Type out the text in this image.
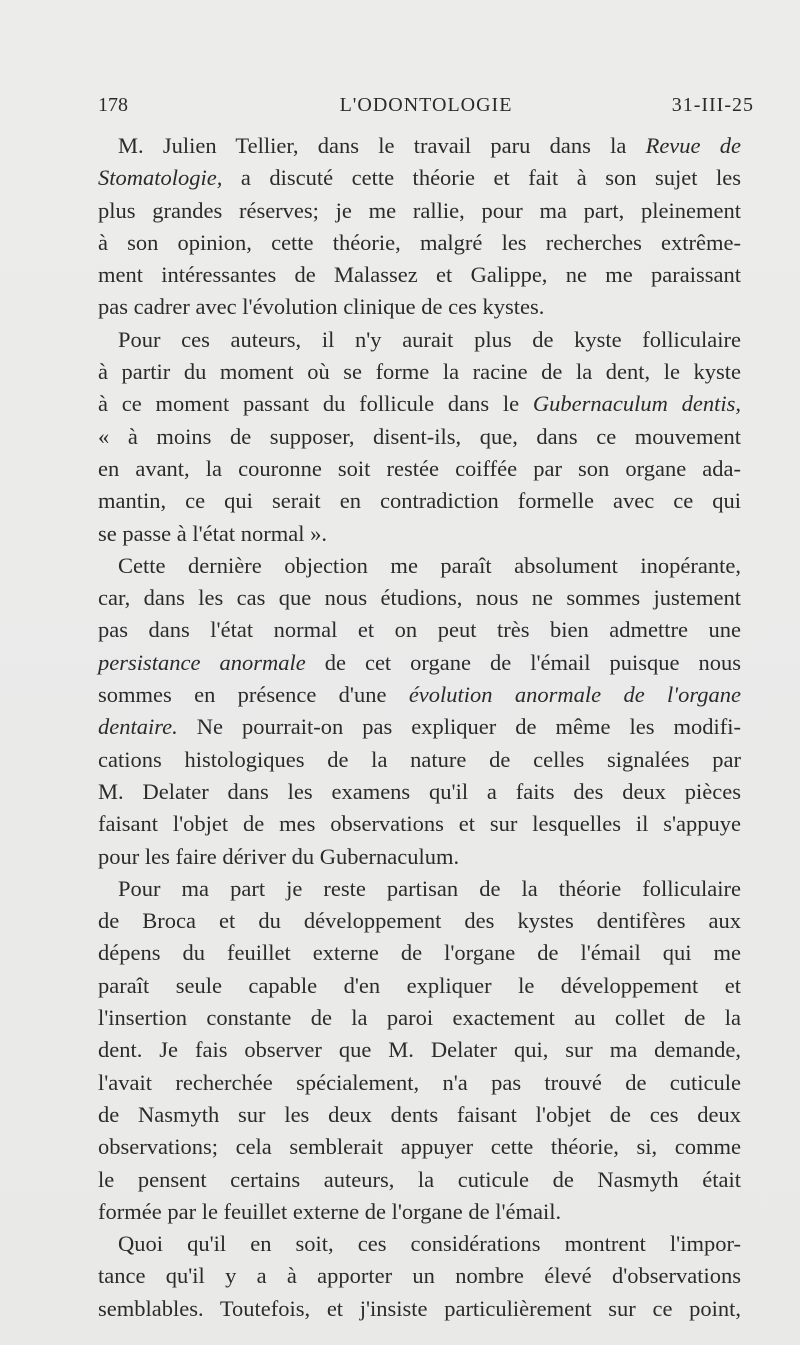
178	L'ODONTOLOGIE	31-III-25

M. Julien Tellier, dans le travail paru dans la Revue de

Stomatologie, a discuté cette théorie et fait à son sujet les

plus grandes réserves; je me rallie, pour ma part, pleinement

à son opinion, cette théorie, malgré les recherches extrême-

ment intéressantes de Malassez et Galippe, ne me paraissant

pas cadrer avec l'évolution clinique de ces kystes.

Pour ces auteurs, il n'y aurait plus de kyste folliculaire

à partir du moment où se forme la racine de la dent, le kyste

à ce moment passant du follicule dans le Gubernaculum dentis,

« à moins de supposer, disent-ils, que, dans ce mouvement

en avant, la couronne soit restée coiffée par son organe ada-

mantin, ce qui serait en contradiction formelle avec ce qui

se passe à l'état normal ».

Cette dernière objection me paraît absolument inopérante,

car, dans les cas que nous étudions, nous ne sommes justement

pas dans l'état normal et on peut très bien admettre une

persistance anormale de cet organe de l'émail puisque nous

sommes en présence d'une évolution anormale de l'organe

dentaire. Ne pourrait-on pas expliquer de même les modifi-

cations histologiques de la nature de celles signalées par

M. Delater dans les examens qu'il a faits des deux pièces

faisant l'objet de mes observations et sur lesquelles il s'appuye

pour les faire dériver du Gubernaculum.

Pour ma part je reste partisan de la théorie folliculaire

de Broca et du développement des kystes dentifères aux

dépens du feuillet externe de l'organe de l'émail qui me

paraît seule capable d'en expliquer le développement et

l'insertion constante de la paroi exactement au collet de la

dent. Je fais observer que M. Delater qui, sur ma demande,

l'avait recherchée spécialement, n'a pas trouvé de cuticule

de Nasmyth sur les deux dents faisant l'objet de ces deux

observations; cela semblerait appuyer cette théorie, si, comme

le pensent certains auteurs, la cuticule de Nasmyth était

formée par le feuillet externe de l'organe de l'émail.

Quoi qu'il en soit, ces considérations montrent l'impor-

tance qu'il y a à apporter un nombre élevé d'observations

semblables. Toutefois, et j'insiste particulièrement sur ce point,
